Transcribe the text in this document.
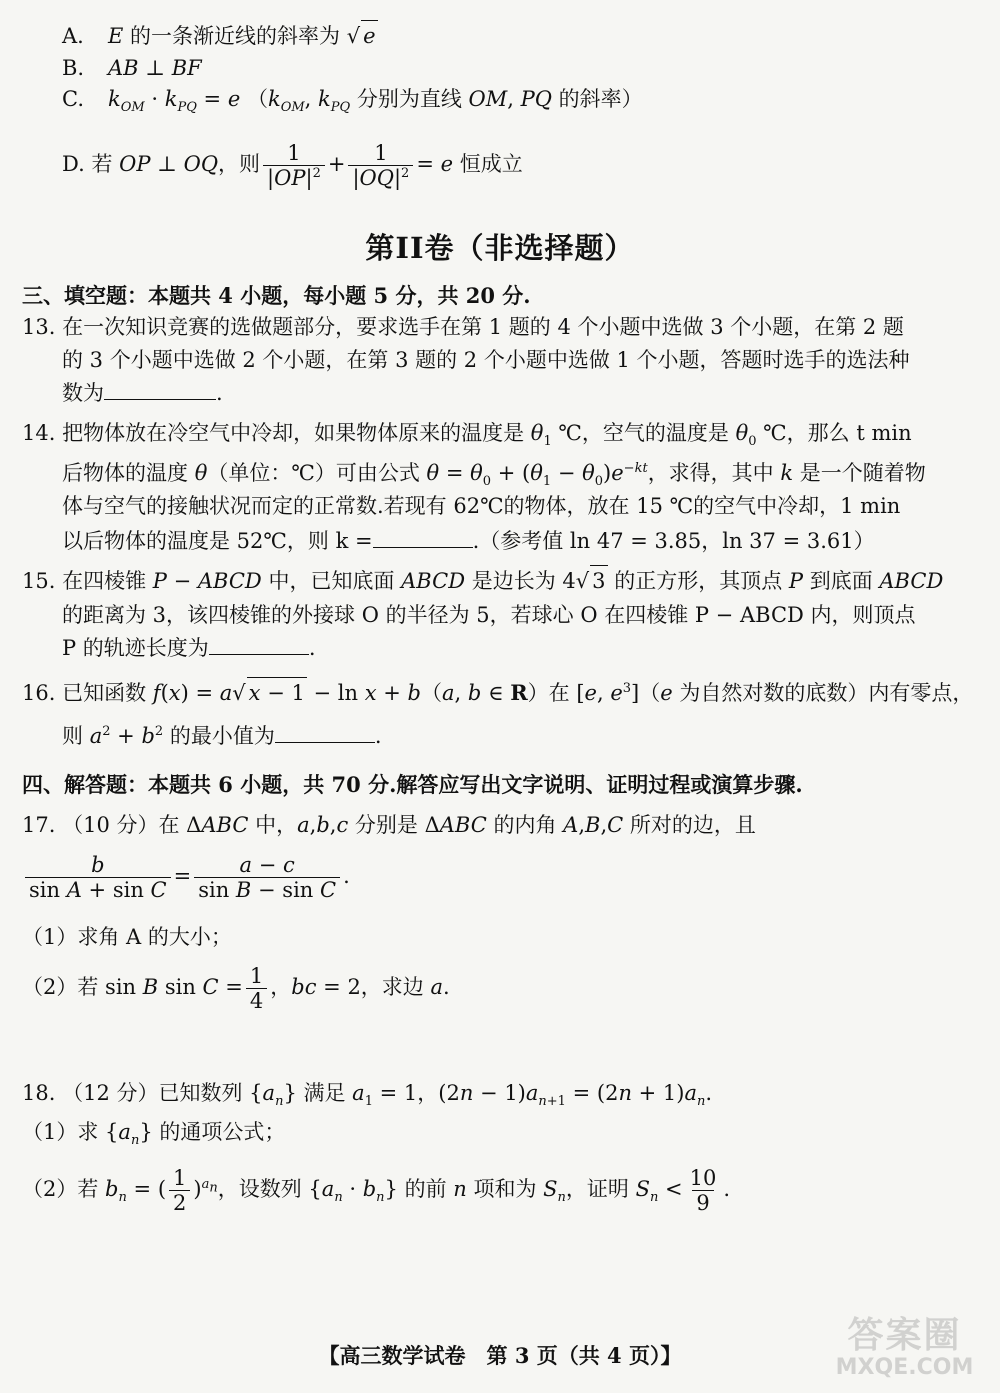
A. E 的一条渐近线的斜率为 √ e
B. AB ⊥ BF
C. $k_{OM} \cdot k_{PQ} = e$ （$k_{OM}$, $k_{PQ}$ 分别为直线 OM, PQ 的斜率）
D. 若 OP ⊥ OQ，则 $\frac{1}{|OP|^2} + \frac{1}{|OQ|^2} = e$ 恒成立
第II卷（非选择题）
三、填空题：本题共 4 小题，每小题 5 分，共 20 分.
13. 在一次知识竞赛的选做题部分，要求选手在第 1 题的 4 个小题中选做 3 个小题，在第 2 题
的 3 个小题中选做 2 个小题，在第 3 题的 2 个小题中选做 1 个小题，答题时选手的选法种
数为	.
14. 把物体放在冷空气中冷却，如果物体原来的温度是 $\theta_1$ ℃，空气的温度是 $\theta_0$ ℃，那么 t min
后物体的温度 θ（单位：℃）可由公式 $\theta = \theta_0 + (\theta_1 - \theta_0)e^{-kt}$，求得，其中 k 是一个随着物
体与空气的接触状况而定的正常数.若现有 62℃的物体，放在 15 ℃的空气中冷却，1 min
以后物体的温度是 52℃，则 k =	.（参考值 ln 47 = 3.85，ln 37 = 3.61）
15. 在四棱锥 P − ABCD 中，已知底面 ABCD 是边长为 4√ 3 的正方形，其顶点 P 到底面 ABCD
的距离为 3，该四棱锥的外接球 O 的半径为 5，若球心 O 在四棱锥 P − ABCD 内，则顶点
P 的轨迹长度为	.
16. 已知函数 f(x) = a√ x − 1 − ln x + b（a, b ∈ R）在 [e, $e^3](e$ 为自然对数的底数）内有零点，
则 $a^2 + b^2$ 的最小值为	.
四、解答题：本题共 6 小题，共 70 分.解答应写出文字说明、证明过程或演算步骤.
17. （10 分）在 ΔABC 中，a,b,c 分别是 ΔABC 的内角 A,B,C 所对的边，且
$\frac{b}{\text{sin A + sin C}} = \frac{a - c}{\text{sin B − sin C}}$ .
（1）求角 A 的大小；
（2）若 sin B $\sin C = \frac{1}{4}$ ，bc = 2，求边 a.
18. （12 分）已知数列 $\{a_n\}$ 满足 $a_1 = 1$，$(2n - 1)a_{n+1} = (2n + 1)a_n$.
（1）求 $\{a_n\}$ 的通项公式；
（2）若 $b_n$ = ( $\frac{1}{2} )^{a_n}$，设数列 $\{a_n \cdot b_n\}$ 的前 n 项和为 $S_n$，证明 $S_n < \frac{10}{9}$ .
【高三数学试卷　第 3 页（共 4 页）】	答案圈
MXQE.COM
